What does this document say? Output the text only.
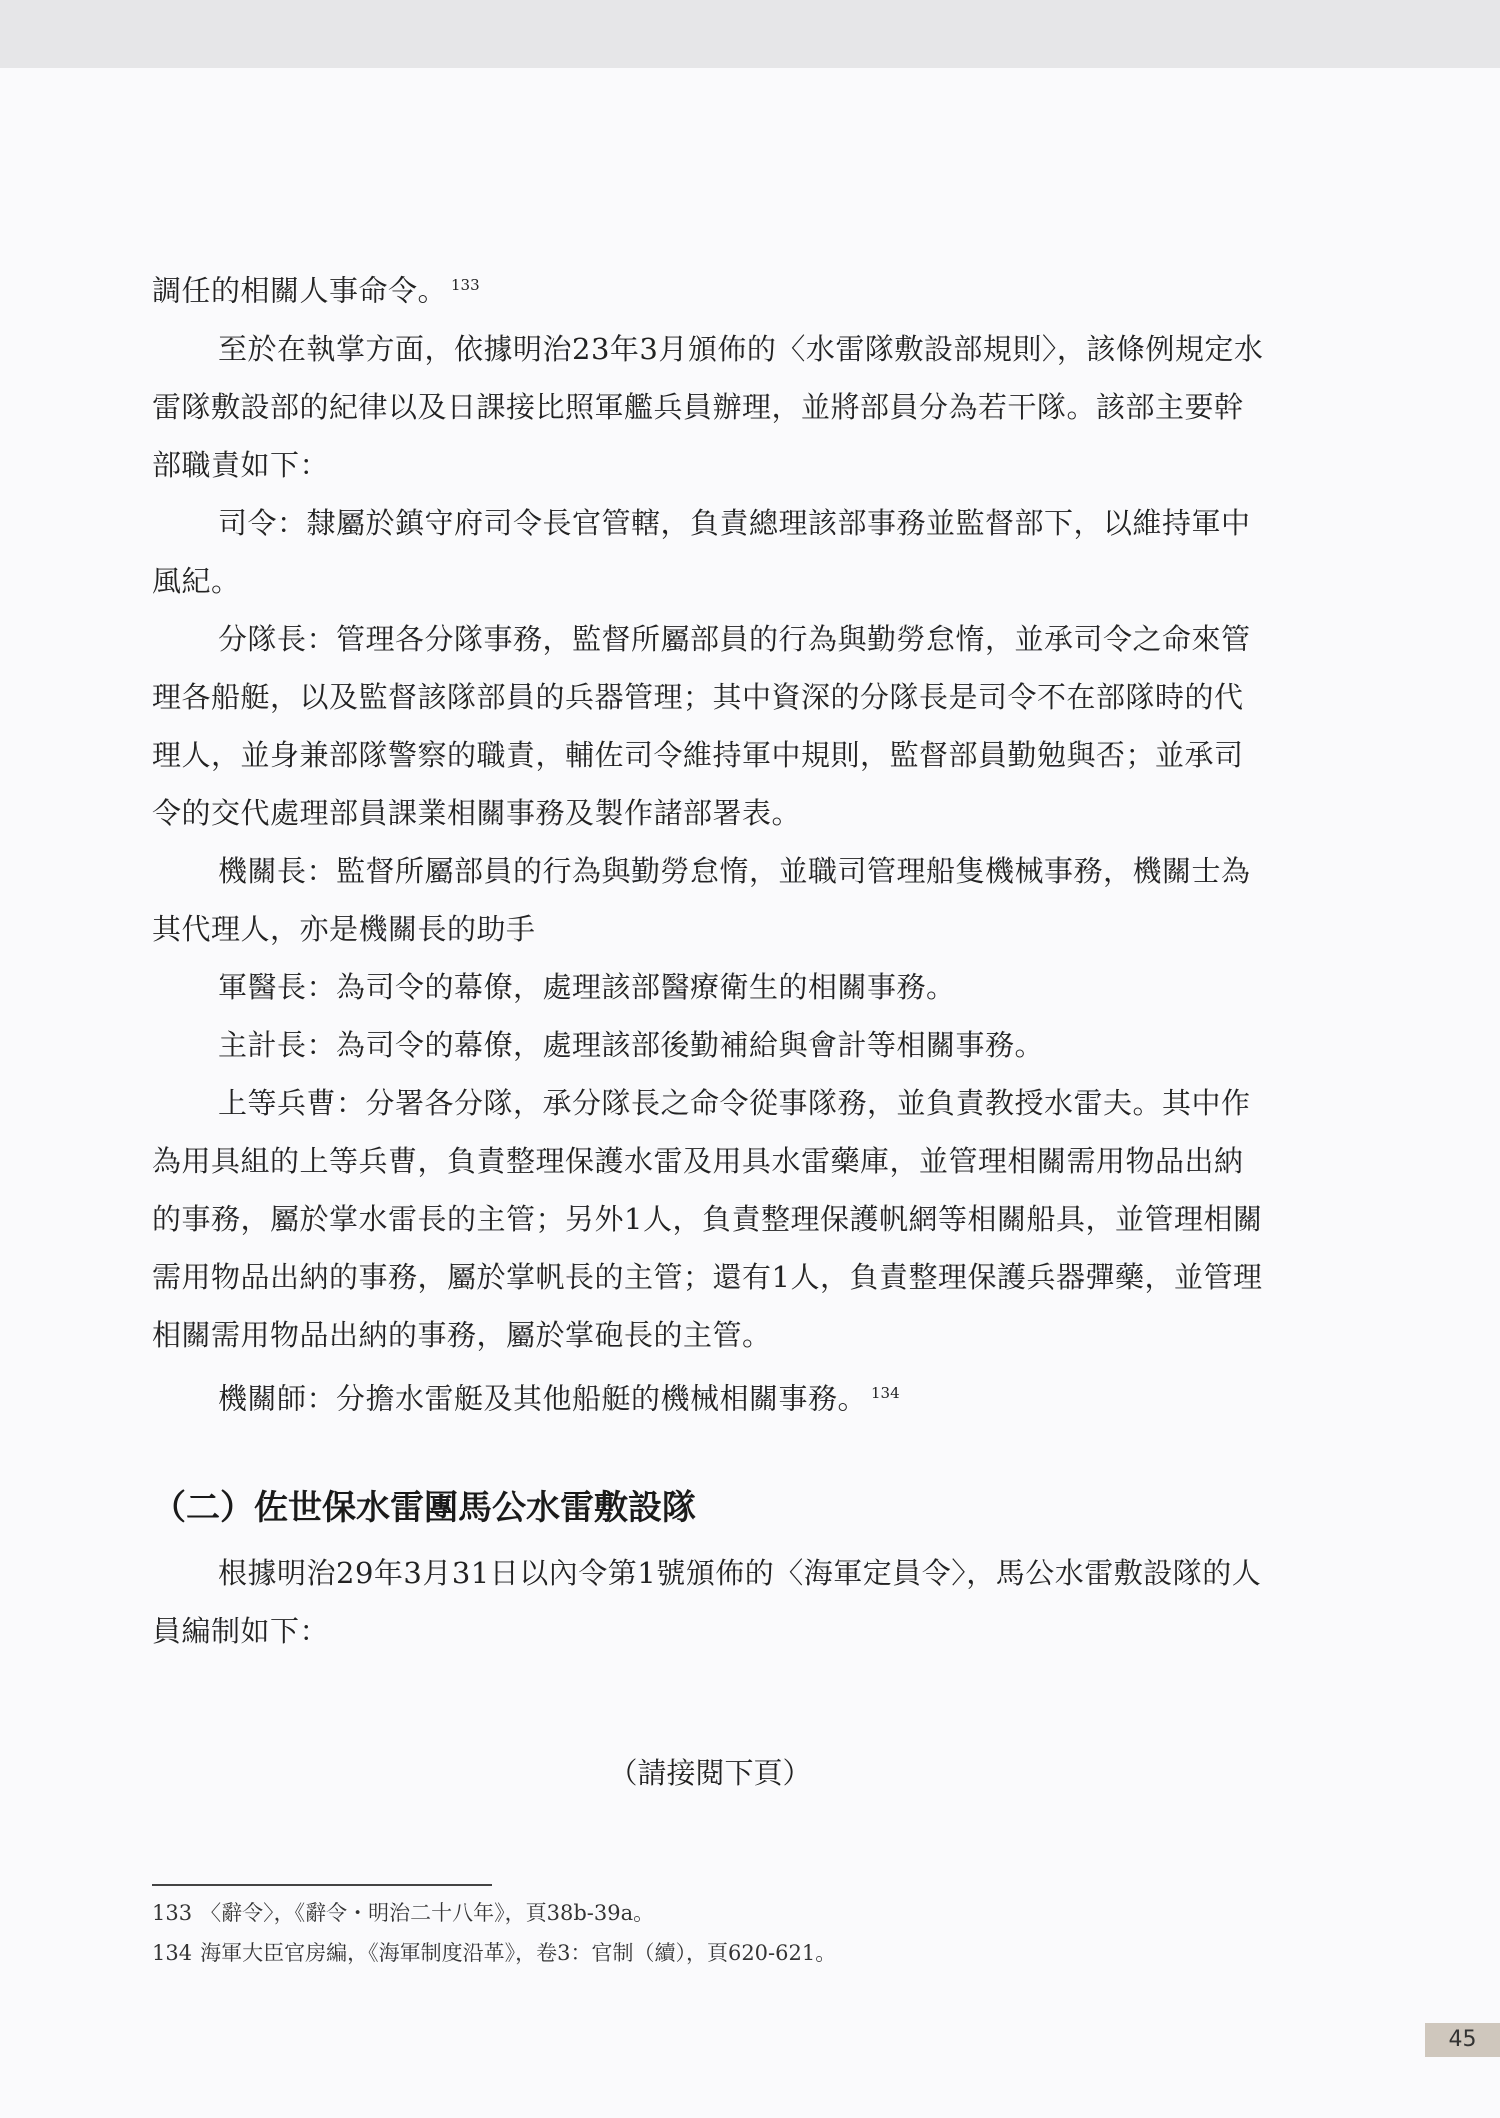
調任的相關人事命令。 $^{133}$

至於在執掌方面，依據明治23年3月頒佈的〈水雷隊敷設部規則〉，該條例規定水雷隊敷設部的紀律以及日課接比照軍艦兵員辦理，並將部員分為若干隊。該部主要幹部職責如下：

司令：隸屬於鎮守府司令長官管轄，負責總理該部事務並監督部下，以維持軍中風紀。

分隊長：管理各分隊事務，監督所屬部員的行為與勤勞怠惰，並承司令之命來管理各船艇，以及監督該隊部員的兵器管理；其中資深的分隊長是司令不在部隊時的代理人，並身兼部隊警察的職責，輔佐司令維持軍中規則，監督部員勤勉與否；並承司令的交代處理部員課業相關事務及製作諸部署表。

機關長：監督所屬部員的行為與勤勞怠惰，並職司管理船隻機械事務，機關士為其代理人，亦是機關長的助手

軍醫長：為司令的幕僚，處理該部醫療衛生的相關事務。

主計長：為司令的幕僚，處理該部後勤補給與會計等相關事務。

上等兵曹：分署各分隊，承分隊長之命令從事隊務，並負責教授水雷夫。其中作為用具組的上等兵曹，負責整理保護水雷及用具水雷藥庫，並管理相關需用物品出納的事務，屬於掌水雷長的主管；另外1人，負責整理保護帆網等相關船具，並管理相關需用物品出納的事務，屬於掌帆長的主管；還有1人，負責整理保護兵器彈藥，並管理相關需用物品出納的事務，屬於掌砲長的主管。

機關師：分擔水雷艇及其他船艇的機械相關事務。 $^{134}$

（二）佐世保水雷團馬公水雷敷設隊

根據明治29年3月31日以內令第1號頒佈的〈海軍定員令〉，馬公水雷敷設隊的人員編制如下：

（請接閱下頁）

133 〈辭令〉，《辭令・明治二十八年》，頁38b-39a。

134 海軍大臣官房編，《海軍制度沿革》，卷3：官制（續），頁620-621。

45
